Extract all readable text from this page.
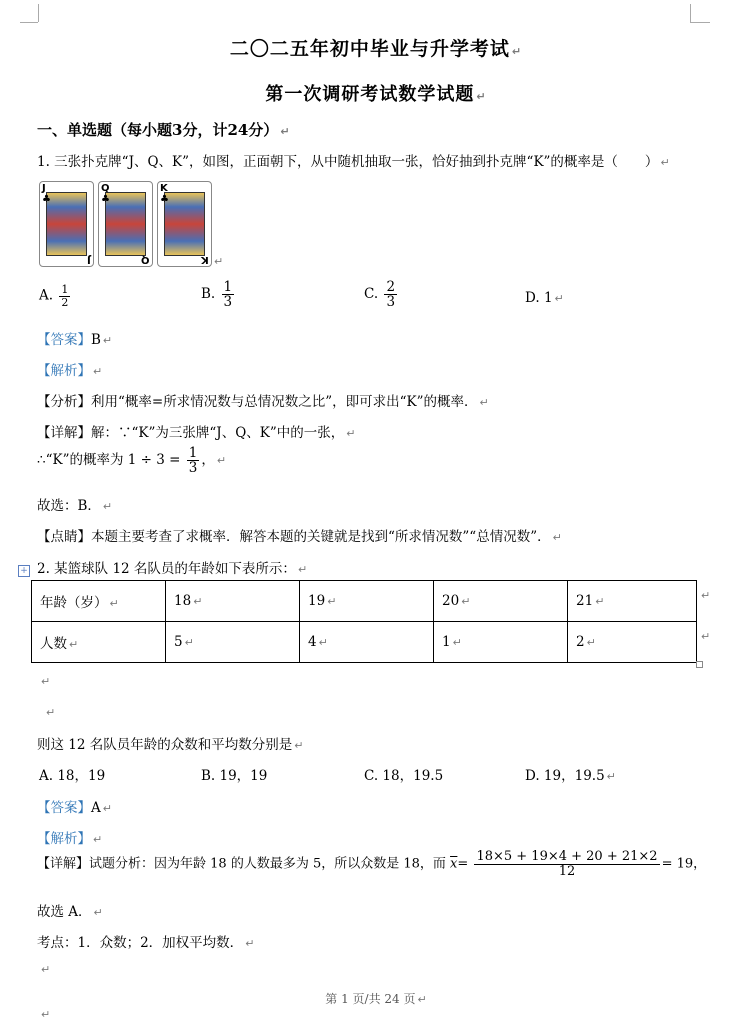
二〇二五年初中毕业与升学考试 ↵
第一次调研考试数学试题 ↵
一、单选题（每小题3分，计24分） ↵
1. 三张扑克牌“J、Q、K”，如图，正面朝下，从中随机抽取一张，恰好抽到扑克牌“K”的概率是（　　） ↵
J
♣
J
Q
♣
Q
K
♣
K ↵
A. $\frac{1}{2}$	B. $\frac{1}{3}$	C. $\frac{2}{3}$	D. 1 ↵
【答案】B ↵
【解析】 ↵
【分析】利用“概率=所求情况数与总情况数之比”，即可求出“K”的概率． ↵
【详解】解：∵“K”为三张牌“J、Q、K”中的一张， ↵
∴“K”的概率为 $1 \div 3 = \frac{1}{3}$ ， ↵
故选：B． ↵
【点睛】本题主要考查了求概率．解答本题的关键就是找到“所求情况数”“总情况数”． ↵
+ 2. 某篮球队 12 名队员的年龄如下表所示： ↵
年龄（岁） ↵	18 ↵	19 ↵	20 ↵	21 ↵
人数 ↵	5 ↵	4 ↵	1 ↵	2 ↵
↵
↵
↵
↵
则这 12 名队员年龄的众数和平均数分别是 ↵
A. 18，19	B. 19，19	C. 18，19.5	D. 19，19.5 ↵
【答案】A ↵
【解析】 ↵
【详解】试题分析：因为年龄 18 的人数最多为 5，所以众数是 18，而 $\overline{x}= \frac{18\times 5 + 19\times 4 + 20 + 21\times 2}{12} = 19$，
故选 A． ↵
考点：1．众数；2．加权平均数． ↵
↵
第 1 页/共 24 页 ↵
↵
